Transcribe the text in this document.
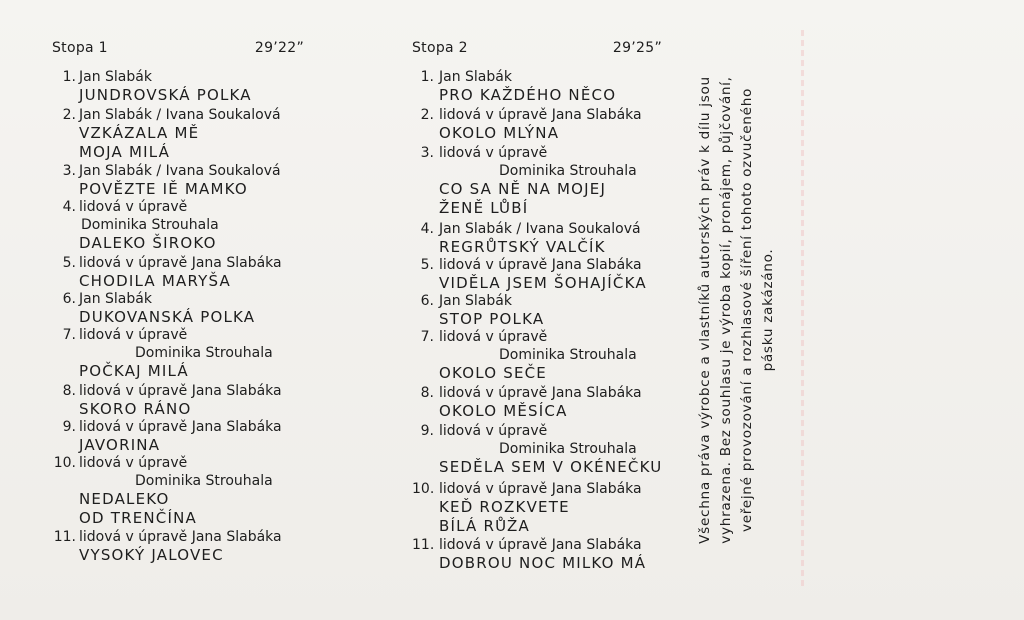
Stopa 1	29’22”
1. Jan Slabák
JUNDROVSKÁ POLKA
2. Jan Slabák / Ivana Soukalová
VZKÁZALA MĚ
MOJA MILÁ
3. Jan Slabák / Ivana Soukalová
POVĚZTE IĚ MAMKO
4. lidová v úpravě
Dominika Strouhala
DALEKO ŠIROKO
5. lidová v úpravě Jana Slabáka
CHODILA MARYŠA
6. Jan Slabák
DUKOVANSKÁ POLKA
7. lidová v úpravě
Dominika Strouhala
POČKAJ MILÁ
8. lidová v úpravě Jana Slabáka
SKORO RÁNO
9. lidová v úpravě Jana Slabáka
JAVORINA
10. lidová v úpravě
Dominika Strouhala
NEDALEKO
OD TRENČÍNA
11. lidová v úpravě Jana Slabáka
VYSOKÝ JALOVEC
Stopa 2	29’25”
1. Jan Slabák
PRO KAŽDÉHO NĚCO
2. lidová v úpravě Jana Slabáka
OKOLO MLÝNA
3. lidová v úpravě
Dominika Strouhala
CO SA NĚ NA MOJEJ
ŽENĚ LŮBÍ
4. Jan Slabák / Ivana Soukalová
REGRŮTSKÝ VALČÍK
5. lidová v úpravě Jana Slabáka
VIDĚLA JSEM ŠOHAJÍČKA
6. Jan Slabák
STOP POLKA
7. lidová v úpravě
Dominika Strouhala
OKOLO SEČE
8. lidová v úpravě Jana Slabáka
OKOLO MĚSÍCA
9. lidová v úpravě
Dominika Strouhala
SEDĚLA SEM V OKÉNEČKU
10. lidová v úpravě Jana Slabáka
KEĎ ROZKVETE
BÍLÁ RŮŽA
11. lidová v úpravě Jana Slabáka
DOBROU NOC MILKO MÁ
Všechna práva výrobce a vlastníků autorských práv k dílu jsou vyhrazena. Bez souhlasu je výroba kopií, pronájem, půjčování, veřejné provozování a rozhlasové šíření tohoto ozvučeného pásku zakázáno.
